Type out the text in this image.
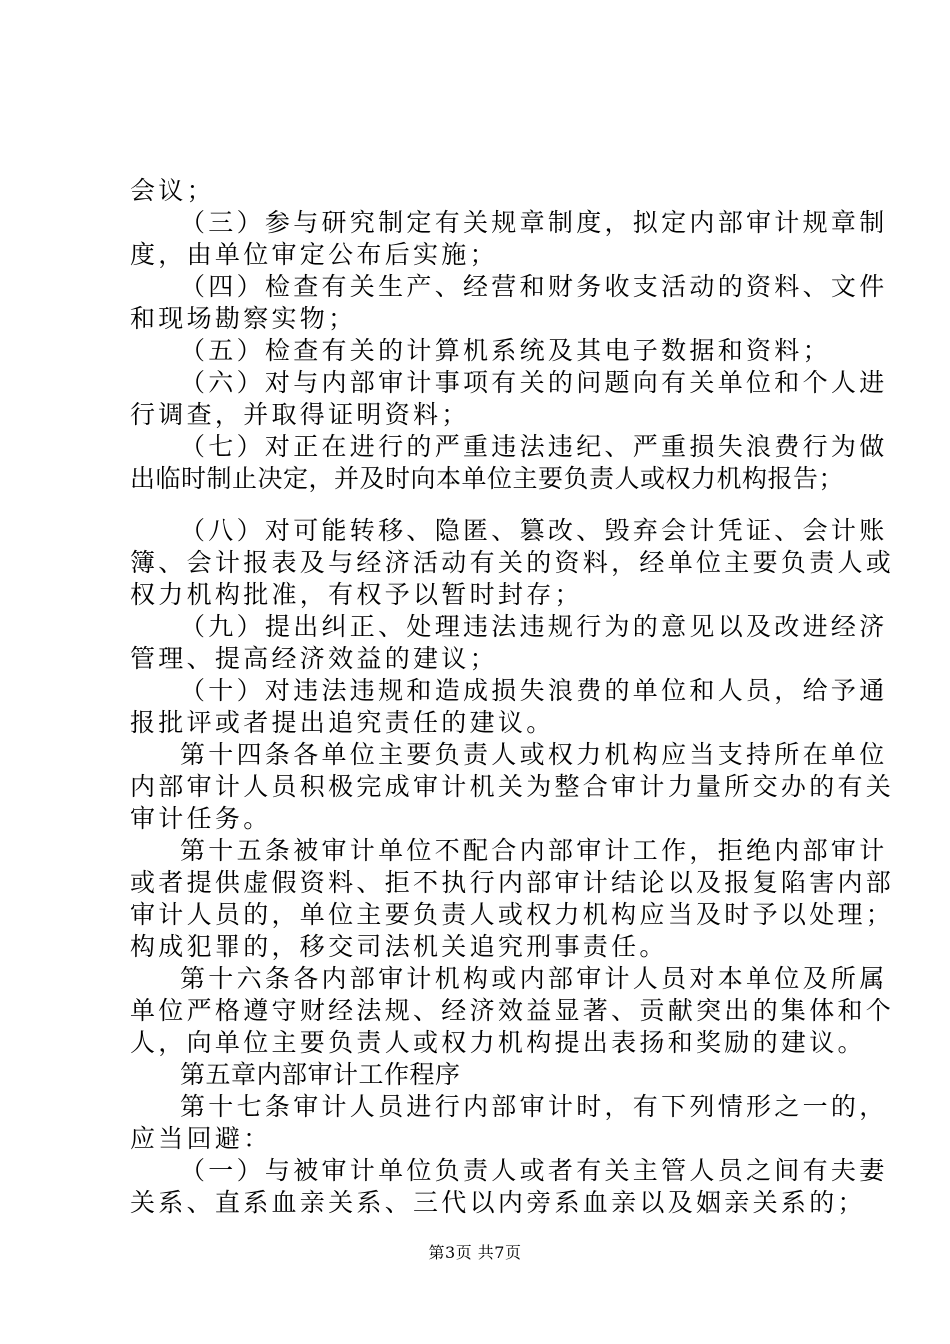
会议；
（三）参与研究制定有关规章制度，拟定内部审计规章制
度，由单位审定公布后实施；
（四）检查有关生产、经营和财务收支活动的资料、文件
和现场勘察实物；
（五）检查有关的计算机系统及其电子数据和资料；
（六）对与内部审计事项有关的问题向有关单位和个人进
行调查，并取得证明资料；
（七）对正在进行的严重违法违纪、严重损失浪费行为做
出临时制止决定，并及时向本单位主要负责人或权力机构报告；
（八）对可能转移、隐匿、篡改、毁弃会计凭证、会计账
簿、会计报表及与经济活动有关的资料，经单位主要负责人或
权力机构批准，有权予以暂时封存；
（九）提出纠正、处理违法违规行为的意见以及改进经济
管理、提高经济效益的建议；
（十）对违法违规和造成损失浪费的单位和人员，给予通
报批评或者提出追究责任的建议。
第十四条各单位主要负责人或权力机构应当支持所在单位
内部审计人员积极完成审计机关为整合审计力量所交办的有关
审计任务。
第十五条被审计单位不配合内部审计工作，拒绝内部审计
或者提供虚假资料、拒不执行内部审计结论以及报复陷害内部
审计人员的，单位主要负责人或权力机构应当及时予以处理；
构成犯罪的，移交司法机关追究刑事责任。
第十六条各内部审计机构或内部审计人员对本单位及所属
单位严格遵守财经法规、经济效益显著、贡献突出的集体和个
人，向单位主要负责人或权力机构提出表扬和奖励的建议。
第五章内部审计工作程序
第十七条审计人员进行内部审计时，有下列情形之一的，
应当回避：
（一）与被审计单位负责人或者有关主管人员之间有夫妻
关系、直系血亲关系、三代以内旁系血亲以及姻亲关系的；
第3页 共7页
